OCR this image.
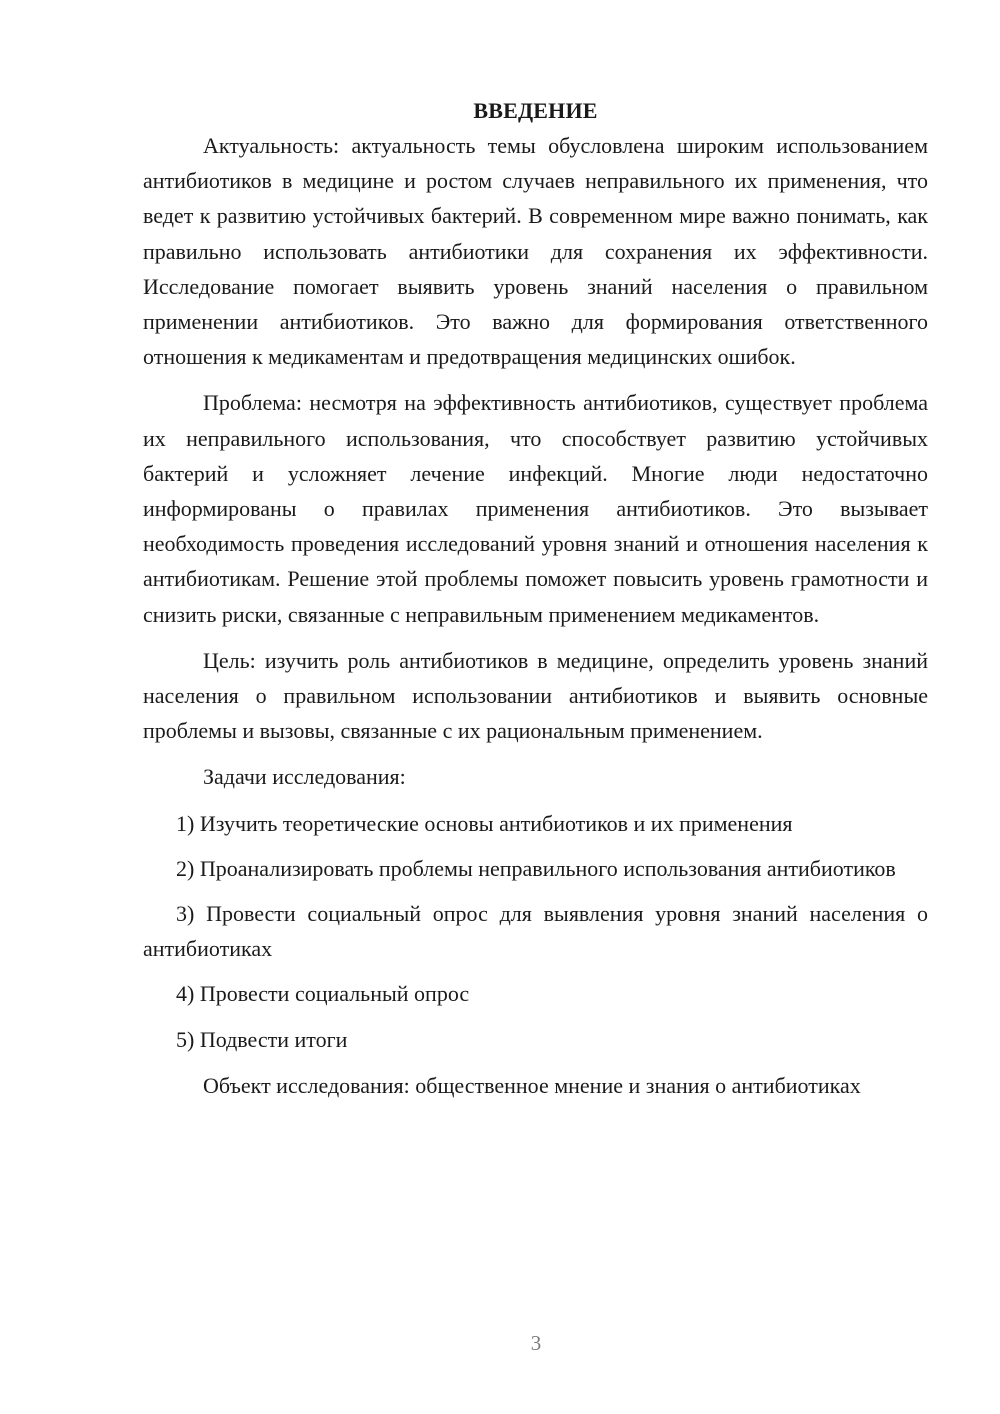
ВВЕДЕНИЕ

Актуальность: актуальность темы обусловлена широким использованием антибиотиков в медицине и ростом случаев неправильного их применения, что ведет к развитию устойчивых бактерий. В современном мире важно понимать, как правильно использовать антибиотики для сохранения их эффективности. Исследование помогает выявить уровень знаний населения о правильном применении антибиотиков. Это важно для формирования ответственного отношения к медикаментам и предотвращения медицинских ошибок.

Проблема: несмотря на эффективность антибиотиков, существует проблема их неправильного использования, что способствует развитию устойчивых бактерий и усложняет лечение инфекций. Многие люди недостаточно информированы о правилах применения антибиотиков. Это вызывает необходимость проведения исследований уровня знаний и отношения населения к антибиотикам. Решение этой проблемы поможет повысить уровень грамотности и снизить риски, связанные с неправильным применением медикаментов.

Цель: изучить роль антибиотиков в медицине, определить уровень знаний населения о правильном использовании антибиотиков и выявить основные проблемы и вызовы, связанные с их рациональным применением.

Задачи исследования:

1) Изучить теоретические основы антибиотиков и их применения

2) Проанализировать проблемы неправильного использования антибиотиков

3) Провести социальный опрос для выявления уровня знаний населения о антибиотиках

4) Провести социальный опрос

5) Подвести итоги

Объект исследования: общественное мнение и знания о антибиотиках

3
